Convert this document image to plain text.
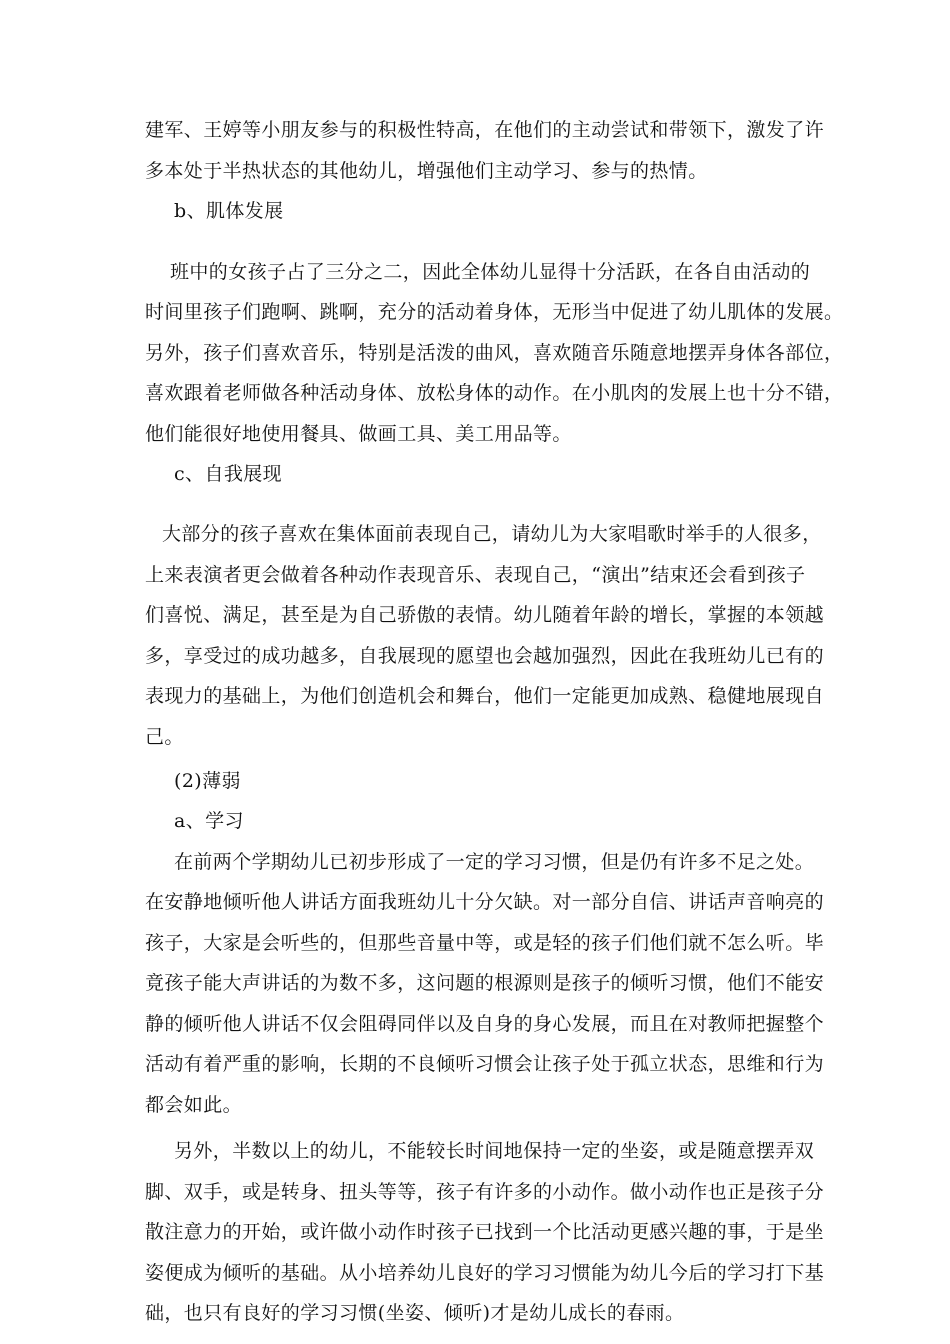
建军、王婷等小朋友参与的积极性特高，在他们的主动尝试和带领下，激发了许
多本处于半热状态的其他幼儿，增强他们主动学习、参与的热情。
b、肌体发展
班中的女孩子占了三分之二，因此全体幼儿显得十分活跃，在各自由活动的
时间里孩子们跑啊、跳啊，充分的活动着身体，无形当中促进了幼儿肌体的发展。
另外，孩子们喜欢音乐，特别是活泼的曲风，喜欢随音乐随意地摆弄身体各部位，
喜欢跟着老师做各种活动身体、放松身体的动作。在小肌肉的发展上也十分不错，
他们能很好地使用餐具、做画工具、美工用品等。
c、自我展现
大部分的孩子喜欢在集体面前表现自己，请幼儿为大家唱歌时举手的人很多，
上来表演者更会做着各种动作表现音乐、表现自己，“演出”结束还会看到孩子
们喜悦、满足，甚至是为自己骄傲的表情。幼儿随着年龄的增长，掌握的本领越
多，享受过的成功越多，自我展现的愿望也会越加强烈，因此在我班幼儿已有的
表现力的基础上，为他们创造机会和舞台，他们一定能更加成熟、稳健地展现自
己。
(2)薄弱
a、学习
在前两个学期幼儿已初步形成了一定的学习习惯，但是仍有许多不足之处。
在安静地倾听他人讲话方面我班幼儿十分欠缺。对一部分自信、讲话声音响亮的
孩子，大家是会听些的，但那些音量中等，或是轻的孩子们他们就不怎么听。毕
竟孩子能大声讲话的为数不多，这问题的根源则是孩子的倾听习惯，他们不能安
静的倾听他人讲话不仅会阻碍同伴以及自身的身心发展，而且在对教师把握整个
活动有着严重的影响，长期的不良倾听习惯会让孩子处于孤立状态，思维和行为
都会如此。
另外，半数以上的幼儿，不能较长时间地保持一定的坐姿，或是随意摆弄双
脚、双手，或是转身、扭头等等，孩子有许多的小动作。做小动作也正是孩子分
散注意力的开始，或许做小动作时孩子已找到一个比活动更感兴趣的事，于是坐
姿便成为倾听的基础。从小培养幼儿良好的学习习惯能为幼儿今后的学习打下基
础，也只有良好的学习习惯(坐姿、倾听)才是幼儿成长的春雨。
